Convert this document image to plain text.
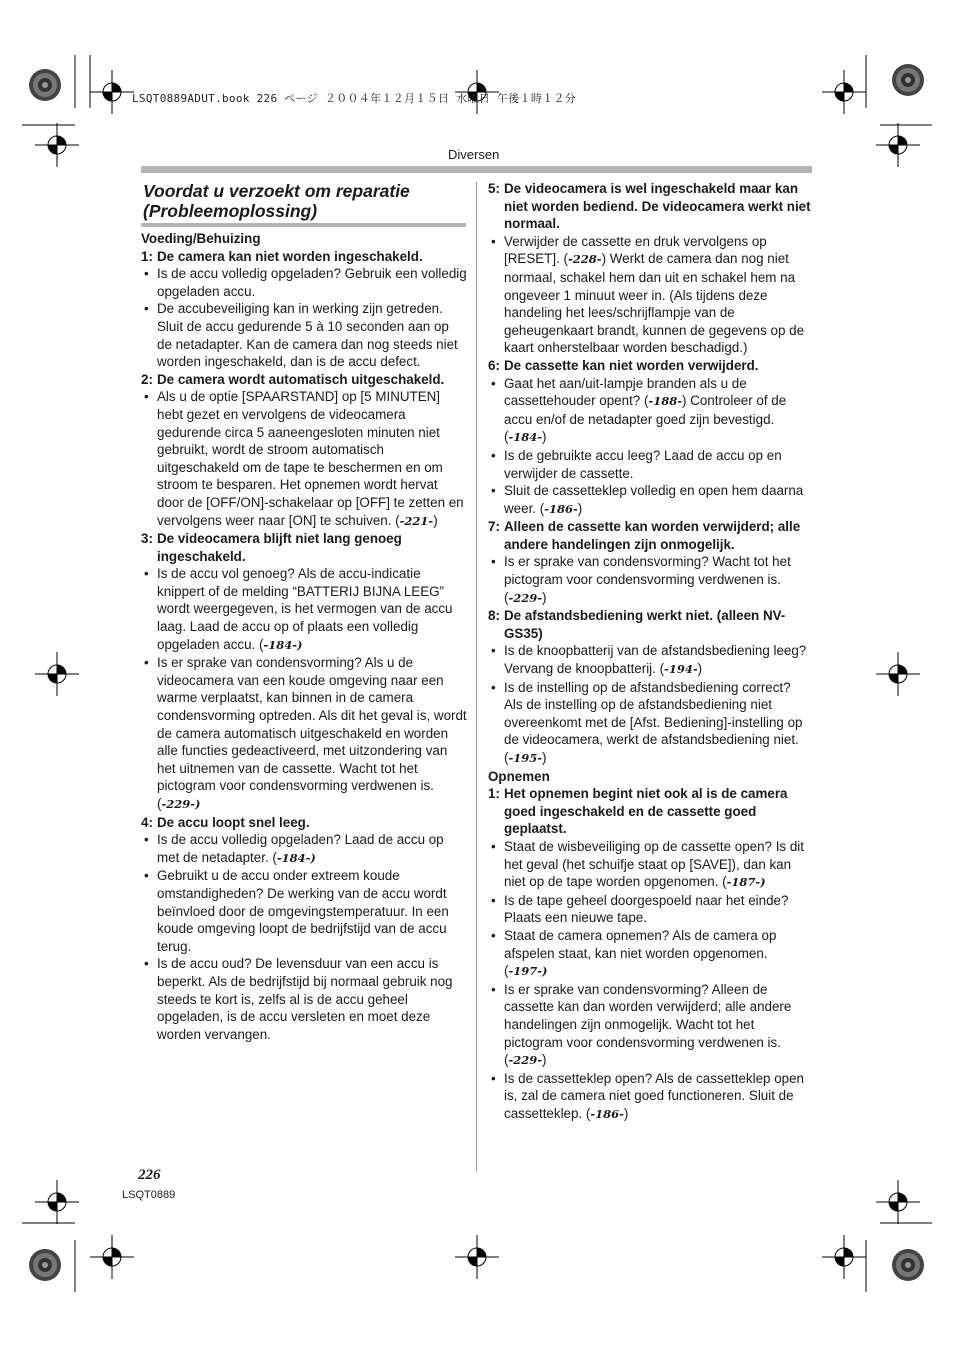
LSQT0889ADUT.book 226 ページ ２００４年１２月１５日 水曜日 午後１時１２分
Diversen
Voordat u verzoekt om reparatie
(Probleemoplossing)

Voeding/Behuizing

1: De camera kan niet worden ingeschakeld.

• Is de accu volledig opgeladen? Gebruik een volledig opgeladen accu.

• De accubeveiliging kan in werking zijn getreden. Sluit de accu gedurende 5 à 10 seconden aan op de netadapter. Kan de camera dan nog steeds niet worden ingeschakeld, dan is de accu defect.

2: De camera wordt automatisch uitgeschakeld.

• Als u de optie [SPAARSTAND] op [5 MINUTEN] hebt gezet en vervolgens de videocamera gedurende circa 5 aaneengesloten minuten niet gebruikt, wordt de stroom automatisch uitgeschakeld om de tape te beschermen en om stroom te besparen. Het opnemen wordt hervat door de [OFF/ON]-schakelaar op [OFF] te zetten en vervolgens weer naar [ON] te schuiven. (-221-)

3: De videocamera blijft niet lang genoeg ingeschakeld.

• Is de accu vol genoeg? Als de accu-indicatie knippert of de melding “BATTERIJ BIJNA LEEG” wordt weergegeven, is het vermogen van de accu laag. Laad de accu op of plaats een volledig opgeladen accu. (-184-)

• Is er sprake van condensvorming? Als u de videocamera van een koude omgeving naar een warme verplaatst, kan binnen in de camera condensvorming optreden. Als dit het geval is, wordt de camera automatisch uitgeschakeld en worden alle functies gedeactiveerd, met uitzondering van het uitnemen van de cassette. Wacht tot het pictogram voor condensvorming verdwenen is. (-229-)

4: De accu loopt snel leeg.

• Is de accu volledig opgeladen? Laad de accu op met de netadapter. (-184-)

• Gebruikt u de accu onder extreem koude omstandigheden? De werking van de accu wordt beïnvloed door de omgevingstemperatuur. In een koude omgeving loopt de bedrijfstijd van de accu terug.

• Is de accu oud? De levensduur van een accu is beperkt. Als de bedrijfstijd bij normaal gebruik nog steeds te kort is, zelfs al is de accu geheel opgeladen, is de accu versleten en moet deze worden vervangen.

5: De videocamera is wel ingeschakeld maar kan niet worden bediend. De videocamera werkt niet normaal.

• Verwijder de cassette en druk vervolgens op [RESET]. (-228-) Werkt de camera dan nog niet normaal, schakel hem dan uit en schakel hem na ongeveer 1 minuut weer in. (Als tijdens deze handeling het lees/schrijflampje van de geheugenkaart brandt, kunnen de gegevens op de kaart onherstelbaar worden beschadigd.)

6: De cassette kan niet worden verwijderd.

• Gaat het aan/uit-lampje branden als u de cassettehouder opent? (-188-) Controleer of de accu en/of de netadapter goed zijn bevestigd. (-184-)

• Is de gebruikte accu leeg? Laad de accu op en verwijder de cassette.

• Sluit de cassetteklep volledig en open hem daarna weer. (-186-)

7: Alleen de cassette kan worden verwijderd; alle andere handelingen zijn onmogelijk.

• Is er sprake van condensvorming? Wacht tot het pictogram voor condensvorming verdwenen is. (-229-)

8: De afstandsbediening werkt niet. (alleen NV-GS35)

• Is de knoopbatterij van de afstandsbediening leeg? Vervang de knoopbatterij. (-194-)

• Is de instelling op de afstandsbediening correct? Als de instelling op de afstandsbediening niet overeenkomt met de [Afst. Bediening]-instelling op de videocamera, werkt de afstandsbediening niet. (-195-)

Opnemen

1: Het opnemen begint niet ook al is de camera goed ingeschakeld en de cassette goed geplaatst.

• Staat de wisbeveiliging op de cassette open? Is dit het geval (het schuifje staat op [SAVE]), dan kan niet op de tape worden opgenomen. (-187-)

• Is de tape geheel doorgespoeld naar het einde? Plaats een nieuwe tape.

• Staat de camera opnemen? Als de camera op afspelen staat, kan niet worden opgenomen. (-197-)

• Is er sprake van condensvorming? Alleen de cassette kan dan worden verwijderd; alle andere handelingen zijn onmogelijk. Wacht tot het pictogram voor condensvorming verdwenen is. (-229-)

• Is de cassetteklep open? Als de cassetteklep open is, zal de camera niet goed functioneren. Sluit de cassetteklep. (-186-)

226
LSQT0889
